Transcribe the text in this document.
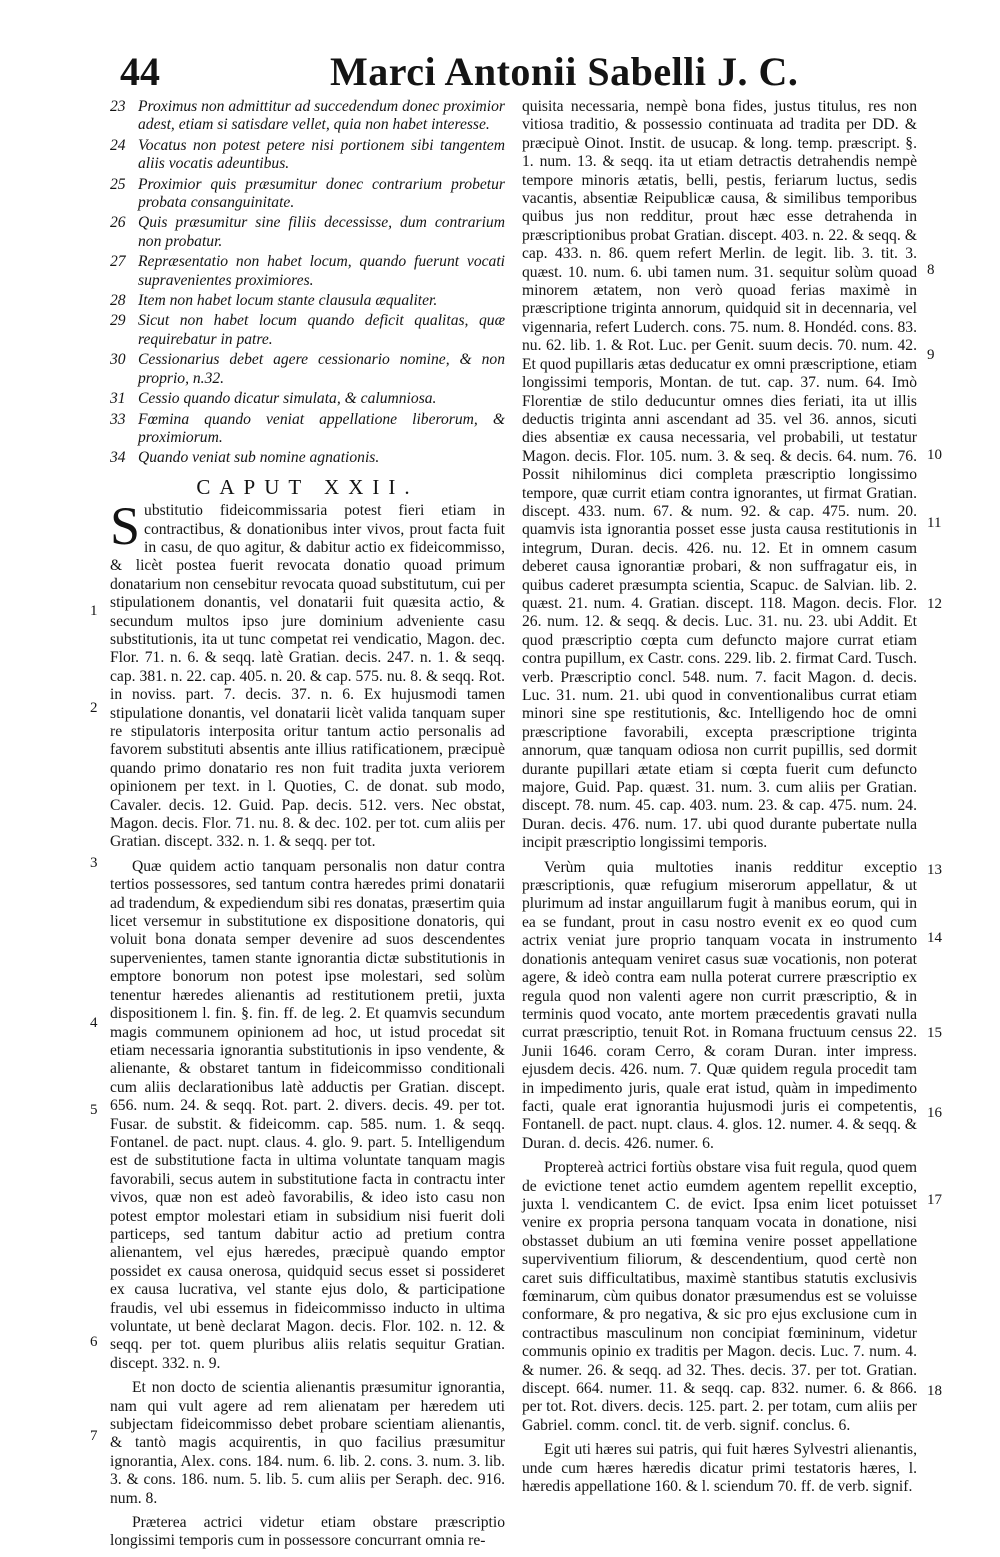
44	Marci Antonii Sabelli J. C.
23 Proximus non admittitur ad succedendum donec proximior adest, etiam si satisdare vellet, quia non habet interesse.
24 Vocatus non potest petere nisi portionem sibi tangentem aliis vocatis adeuntibus.
25 Proximior quis præsumitur donec contrarium probetur probata consanguinitate.
26 Quis præsumitur sine filiis decessisse, dum contrarium non probatur.
27 Repræsentatio non habet locum, quando fuerunt vocati supravenientes proximiores.
28 Item non habet locum stante clausula æqualiter.
29 Sicut non habet locum quando deficit qualitas, quæ requirebatur in patre.
30 Cessionarius debet agere cessionario nomine, & non proprio, n.32.
31 Cessio quando dicatur simulata, & calumniosa.
33 Fœmina quando veniat appellatione liberorum, & proximiorum.
34 Quando veniat sub nomine agnationis.
CAPUT XXII.

Substitutio fideicommissaria potest fieri etiam in contractibus, & donationibus inter vivos, prout facta fuit in casu, de quo agitur, & dabitur actio ex fideicommisso, & licèt postea fuerit revocata donatio quoad primum donatarium non censebitur revocata quoad substitutum, cui per stipulationem donantis, vel donatarii fuit quæsita actio, & secundum multos ipso jure dominium adveniente casu substitutionis, ita ut tunc competat rei vendicatio, Magon. dec. Flor. 71. n. 6. & seqq. latè Gratian. decis. 247. n. 1. & seqq. cap. 381. n. 22. cap. 405. n. 20. & cap. 575. nu. 8. & seqq. Rot. in noviss. part. 7. decis. 37. n. 6. Ex hujusmodi tamen stipulatione donantis, vel donatarii licèt valida tanquam super re stipulatoris interposita oritur tantum actio personalis ad favorem substituti absentis ante illius ratificationem, præcipuè quando primo donatario res non fuit tradita juxta veriorem opinionem per text. in l. Quoties, C. de donat. sub modo, Cavaler. decis. 12. Guid. Pap. decis. 512. vers. Nec obstat, Magon. decis. Flor. 71. nu. 8. & dec. 102. per tot. cum aliis per Gratian. discept. 332. n. 1. & seqq. per tot.

Quæ quidem actio tanquam personalis non datur contra tertios possessores, sed tantum contra hæredes primi donatarii ad tradendum, & expediendum sibi res donatas, præsertim quia licet versemur in substitutione ex dispositione donatoris, qui voluit bona donata semper devenire ad suos descendentes supervenientes, tamen stante ignorantia dictæ substitutionis in emptore bonorum non potest ipse molestari, sed solùm tenentur hæredes alienantis ad restitutionem pretii, juxta dispositionem l. fin. §. fin. ff. de leg. 2. Et quamvis secundum magis communem opinionem ad hoc, ut istud procedat sit etiam necessaria ignorantia substitutionis in ipso vendente, & alienante, & obstaret tantum in fideicommisso conditionali cum aliis declarationibus latè adductis per Gratian. discept. 656. num. 24. & seqq. Rot. part. 2. divers. decis. 49. per tot. Fusar. de substit. & fideicomm. cap. 585. num. 1. & seqq. Fontanel. de pact. nupt. claus. 4. glo. 9. part. 5. Intelligendum est de substitutione facta in ultima voluntate tanquam magis favorabili, secus autem in substitutione facta in contractu inter vivos, quæ non est adeò favorabilis, & ideo isto casu non potest emptor molestari etiam in subsidium nisi fuerit doli particeps, sed tantum dabitur actio ad pretium contra alienantem, vel ejus hæredes, præcipuè quando emptor possidet ex causa onerosa, quidquid secus esset si possideret ex causa lucrativa, vel stante ejus dolo, & participatione fraudis, vel ubi essemus in fideicommisso inducto in ultima voluntate, ut benè declarat Magon. decis. Flor. 102. n. 12. & seqq. per tot. quem pluribus aliis relatis sequitur Gratian. discept. 332. n. 9.

Et non docto de scientia alienantis præsumitur ignorantia, nam qui vult agere ad rem alienatam per hæredem uti subjectam fideicommisso debet probare scientiam alienantis, & tantò magis acquirentis, in quo facilius præsumitur ignorantia, Alex. cons. 184. num. 6. lib. 2. cons. 3. num. 3. lib. 3. & cons. 186. num. 5. lib. 5. cum aliis per Seraph. dec. 916. num. 8.

Præterea actrici videtur etiam obstare præscriptio longissimi temporis cum in possessore concurrant omnia re-

quisita necessaria, nempè bona fides, justus titulus, res non vitiosa traditio, & possessio continuata ad tradita per DD. & præcipuè Oinot. Instit. de usucap. & long. temp. præscript. §. 1. num. 13. & seqq. ita ut etiam detractis detrahendis nempè tempore minoris ætatis, belli, pestis, feriarum luctus, sedis vacantis, absentiæ Reipublicæ causa, & similibus temporibus quibus jus non redditur, prout hæc esse detrahenda in præscriptionibus probat Gratian. discept. 403. n. 22. & seqq. & cap. 433. n. 86. quem refert Merlin. de legit. lib. 3. tit. 3. quæst. 10. num. 6. ubi tamen num. 31. sequitur solùm quoad minorem ætatem, non verò quoad ferias maximè in præscriptione triginta annorum, quidquid sit in decennaria, vel vigennaria, refert Luderch. cons. 75. num. 8. Hondéd. cons. 83. nu. 62. lib. 1. & Rot. Luc. per Genit. suum decis. 70. num. 42. Et quod pupillaris ætas deducatur ex omni præscriptione, etiam longissimi temporis, Montan. de tut. cap. 37. num. 64. Imò Florentiæ de stilo deducuntur omnes dies feriati, ita ut illis deductis triginta anni ascendant ad 35. vel 36. annos, sicuti dies absentiæ ex causa necessaria, vel probabili, ut testatur Magon. decis. Flor. 105. num. 3. & seq. & decis. 64. num. 76. Possit nihilominus dici completa præscriptio longissimo tempore, quæ currit etiam contra ignorantes, ut firmat Gratian. discept. 433. num. 67. & num. 92. & cap. 475. num. 20. quamvis ista ignorantia posset esse justa causa restitutionis in integrum, Duran. decis. 426. nu. 12. Et in omnem casum deberet causa ignorantiæ probari, & non suffragatur eis, in quibus caderet præsumpta scientia, Scapuc. de Salvian. lib. 2. quæst. 21. num. 4. Gratian. discept. 118. Magon. decis. Flor. 26. num. 12. & seqq. & decis. Luc. 31. nu. 23. ubi Addit. Et quod præscriptio cœpta cum defuncto majore currat etiam contra pupillum, ex Castr. cons. 229. lib. 2. firmat Card. Tusch. verb. Præscriptio concl. 548. num. 7. facit Magon. d. decis. Luc. 31. num. 21. ubi quod in conventionalibus currat etiam minori sine spe restitutionis, &c. Intelligendo hoc de omni præscriptione favorabili, excepta præscriptione triginta annorum, quæ tanquam odiosa non currit pupillis, sed dormit durante pupillari ætate etiam si cœpta fuerit cum defuncto majore, Guid. Pap. quæst. 31. num. 3. cum aliis per Gratian. discept. 78. num. 45. cap. 403. num. 23. & cap. 475. num. 24. Duran. decis. 476. num. 17. ubi quod durante pubertate nulla incipit præscriptio longissimi temporis.

Verùm quia multoties inanis redditur exceptio præscriptionis, quæ refugium miserorum appellatur, & ut plurimum ad instar anguillarum fugit à manibus eorum, qui in ea se fundant, prout in casu nostro evenit ex eo quod cum actrix veniat jure proprio tanquam vocata in instrumento donationis antequam veniret casus suæ vocationis, non poterat agere, & ideò contra eam nulla poterat currere præscriptio ex regula quod non valenti agere non currit præscriptio, & in terminis quod vocato, ante mortem præcedentis gravati nulla currat præscriptio, tenuit Rot. in Romana fructuum census 22. Junii 1646. coram Cerro, & coram Duran. inter impress. ejusdem decis. 426. num. 7. Quæ quidem regula procedit tam in impedimento juris, quale erat istud, quàm in impedimento facti, quale erat ignorantia hujusmodi juris ei competentis, Fontanell. de pact. nupt. claus. 4. glos. 12. numer. 4. & seqq. & Duran. d. decis. 426. numer. 6.

Proptereà actrici fortiùs obstare visa fuit regula, quod quem de evictione tenet actio eumdem agentem repellit exceptio, juxta l. vendicantem C. de evict. Ipsa enim licet potuisset venire ex propria persona tanquam vocata in donatione, nisi obstasset dubium an uti fœmina venire posset appellatione superviventium filiorum, & descendentium, quod certè non caret suis difficultatibus, maximè stantibus statutis exclusivis fœminarum, cùm quibus donator præsumendus est se voluisse conformare, & pro negativa, & sic pro ejus exclusione cum in contractibus masculinum non concipiat fœmininum, videtur communis opinio ex traditis per Magon. decis. Luc. 7. num. 4. & numer. 26. & seqq. ad 32. Thes. decis. 37. per tot. Gratian. discept. 664. numer. 11. & seqq. cap. 832. numer. 6. & 866. per tot. Rot. divers. decis. 125. part. 2. per totam, cum aliis per Gabriel. comm. concl. tit. de verb. signif. conclus. 6.

Egit uti hæres sui patris, qui fuit hæres Sylvestri alienantis, unde cum hæres hæredis dicatur primi testatoris hæres, l. hæredis appellatione 160. & l. sciendum 70. ff. de verb. signif.

1
2
3
4
5
6
7
8
9
10
11
12
13
14
15
16
17
18
